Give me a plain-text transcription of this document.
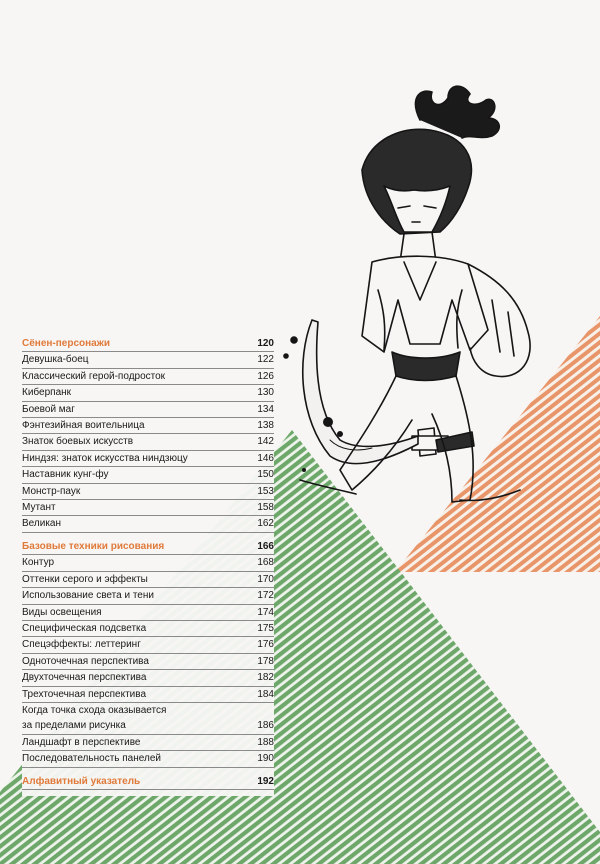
Сёнен-персонажи	120
Девушка-боец	122
Классический герой-подросток	126
Киберпанк	130
Боевой маг	134
Фэнтезийная воительница	138
Знаток боевых искусств	142
Ниндзя: знаток искусства ниндзюцу	146
Наставник кунг-фу	150
Монстр-паук	153
Мутант	158
Великан	162
Базовые техники рисования	166
Контур	168
Оттенки серого и эффекты	170
Использование света и тени	172
Виды освещения	174
Специфическая подсветка	175
Спецэффекты: леттеринг	176
Одноточечная перспектива	178
Двухточечная перспектива	182
Трехточечная перспектива	184
Когда точка схода оказывается
за пределами рисунка	186
Ландшафт в перспективе	188
Последовательность панелей	190
Алфавитный указатель	192
